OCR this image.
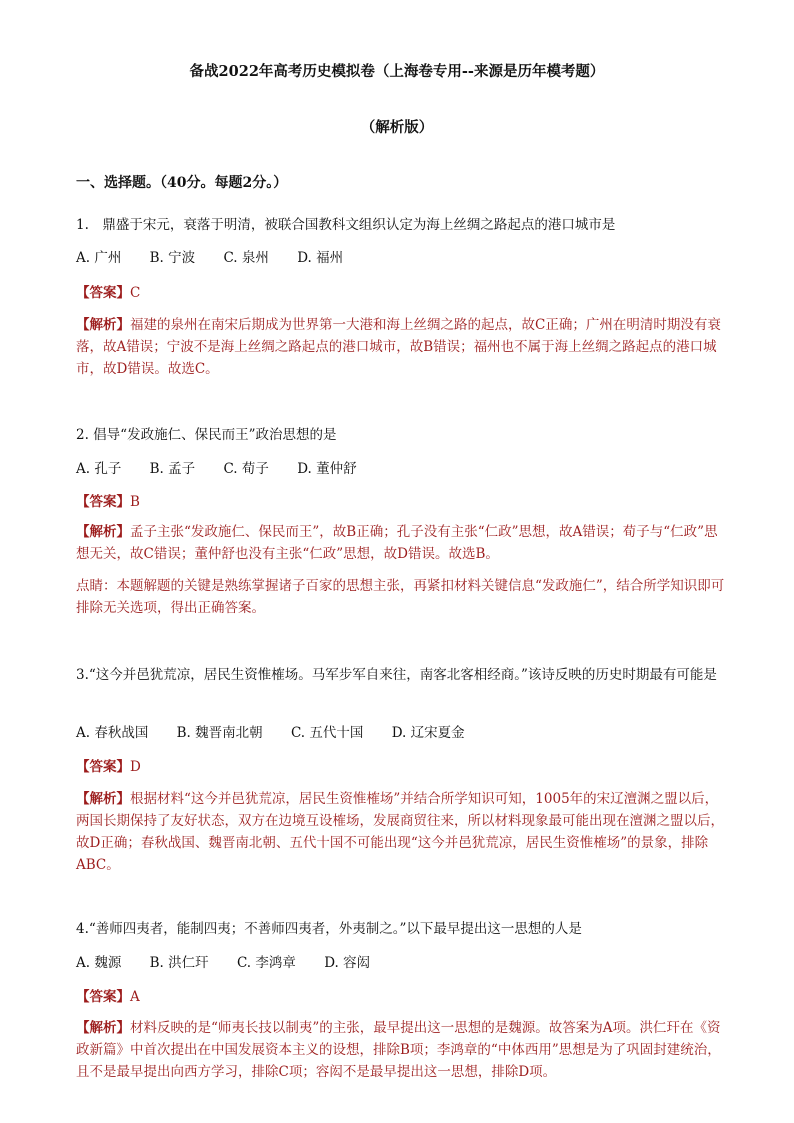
备战2022年高考历史模拟卷（上海卷专用--来源是历年模考题）
（解析版）
一、选择题。（40分。每题2分。）
1.　鼎盛于宋元，衰落于明清，被联合国教科文组织认定为海上丝绸之路起点的港口城市是
A. 广州 B. 宁波 C. 泉州 D. 福州
【答案】C
【解析】福建的泉州在南宋后期成为世界第一大港和海上丝绸之路的起点，故C正确；广州在明清时期没有衰落，故A错误；宁波不是海上丝绸之路起点的港口城市，故B错误；福州也不属于海上丝绸之路起点的港口城市，故D错误。故选C。
2. 倡导“发政施仁、保民而王”政治思想的是
A. 孔子 B. 孟子 C. 荀子 D. 董仲舒
【答案】B
【解析】孟子主张“发政施仁、保民而王”，故B正确；孔子没有主张“仁政”思想，故A错误；荀子与“仁政”思想无关，故C错误；董仲舒也没有主张“仁政”思想，故D错误。故选B。
点睛：本题解题的关键是熟练掌握诸子百家的思想主张，再紧扣材料关键信息“发政施仁”，结合所学知识即可排除无关选项，得出正确答案。
3.“这今并邑犹荒凉，居民生资惟榷场。马军步军自来往，南客北客相经商。”该诗反映的历史时期最有可能是
A. 春秋战国 B. 魏晋南北朝 C. 五代十国 D. 辽宋夏金
【答案】D
【解析】根据材料“这今并邑犹荒凉，居民生资惟榷场”并结合所学知识可知，1005年的宋辽澶渊之盟以后，两国长期保持了友好状态，双方在边境互设榷场，发展商贸往来，所以材料现象最可能出现在澶渊之盟以后，故D正确；春秋战国、魏晋南北朝、五代十国不可能出现“这今并邑犹荒凉，居民生资惟榷场”的景象，排除ABC。
4.“善师四夷者，能制四夷；不善师四夷者，外夷制之。”以下最早提出这一思想的人是
A. 魏源 B. 洪仁玕 C. 李鸿章 D. 容闳
【答案】A
【解析】材料反映的是“师夷长技以制夷”的主张，最早提出这一思想的是魏源。故答案为A项。洪仁玕在《资政新篇》中首次提出在中国发展资本主义的设想，排除B项；李鸿章的“中体西用”思想是为了巩固封建统治，且不是最早提出向西方学习，排除C项；容闳不是最早提出这一思想，排除D项。
